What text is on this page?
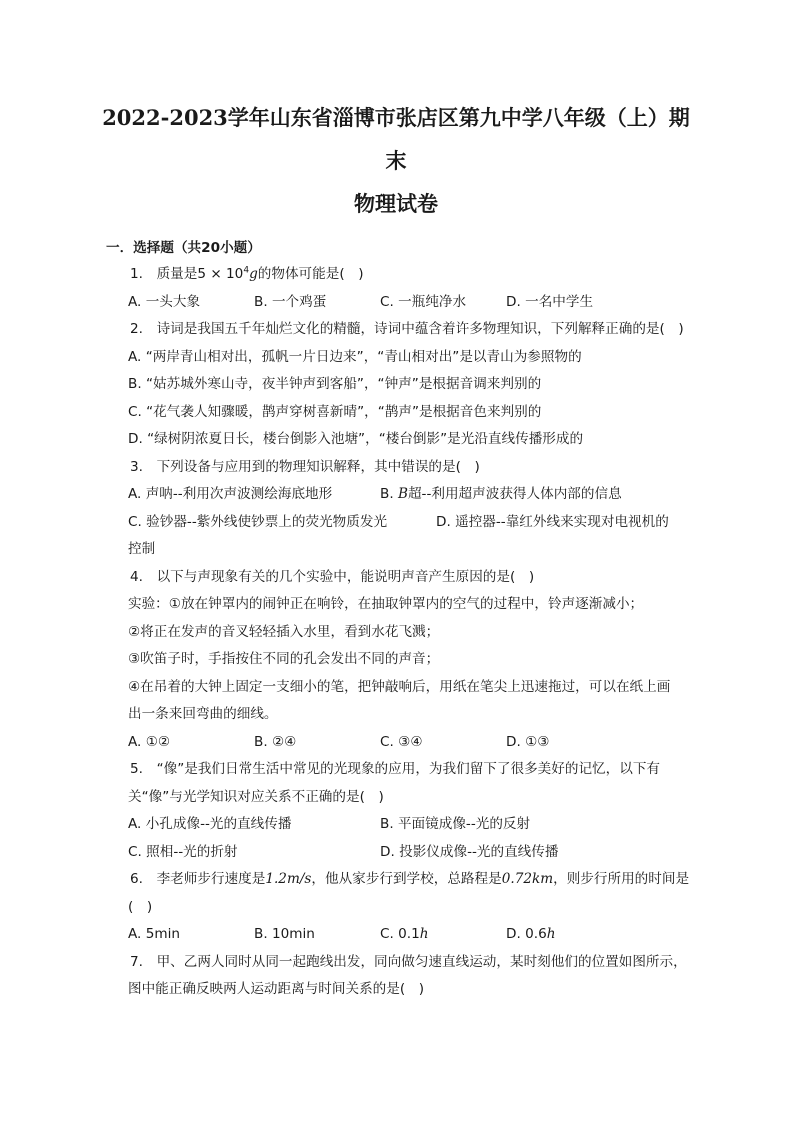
2022-2023学年山东省淄博市张店区第九中学八年级（上）期末
物理试卷
一．选择题（共20小题）
1.　质量是$5 \times 10^4g$的物体可能是(　)
A. 一头大象	B. 一个鸡蛋	C. 一瓶纯净水	D. 一名中学生
2.　诗词是我国五千年灿烂文化的精髓，诗词中蕴含着许多物理知识，下列解释正确的是(　)
A. “两岸青山相对出，孤帆一片日边来”，“青山相对出”是以青山为参照物的
B. “姑苏城外寒山寺，夜半钟声到客船”，“钟声”是根据音调来判别的
C. “花气袭人知骤暖，鹊声穿树喜新晴”，“鹊声”是根据音色来判别的
D. “绿树阴浓夏日长，楼台倒影入池塘”，“楼台倒影”是光沿直线传播形成的
3.　下列设备与应用到的物理知识解释，其中错误的是(　)
A. 声呐--利用次声波测绘海底地形	B. B超--利用超声波获得人体内部的信息
C. 验钞器--紫外线使钞票上的荧光物质发光	D. 遥控器--靠红外线来实现对电视机的
控制
4.　以下与声现象有关的几个实验中，能说明声音产生原因的是(　)
实验：①放在钟罩内的闹钟正在响铃，在抽取钟罩内的空气的过程中，铃声逐渐减小；
②将正在发声的音叉轻轻插入水里，看到水花飞溅；
③吹笛子时，手指按住不同的孔会发出不同的声音；
④在吊着的大钟上固定一支细小的笔，把钟敲响后，用纸在笔尖上迅速拖过，可以在纸上画
出一条来回弯曲的细线。
A. ①②	B. ②④	C. ③④	D. ①③
5.　“像”是我们日常生活中常见的光现象的应用，为我们留下了很多美好的记忆，以下有
关“像”与光学知识对应关系不正确的是(　)
A. 小孔成像--光的直线传播	B. 平面镜成像--光的反射
C. 照相--光的折射	D. 投影仪成像--光的直线传播
6.　李老师步行速度是1.2m/s，他从家步行到学校，总路程是0.72km，则步行所用的时间是
(　)
A. 5min	B. 10min	C. 0.1h	D. 0.6h
7.　甲、乙两人同时从同一起跑线出发，同向做匀速直线运动，某时刻他们的位置如图所示，
图中能正确反映两人运动距离与时间关系的是(　)
